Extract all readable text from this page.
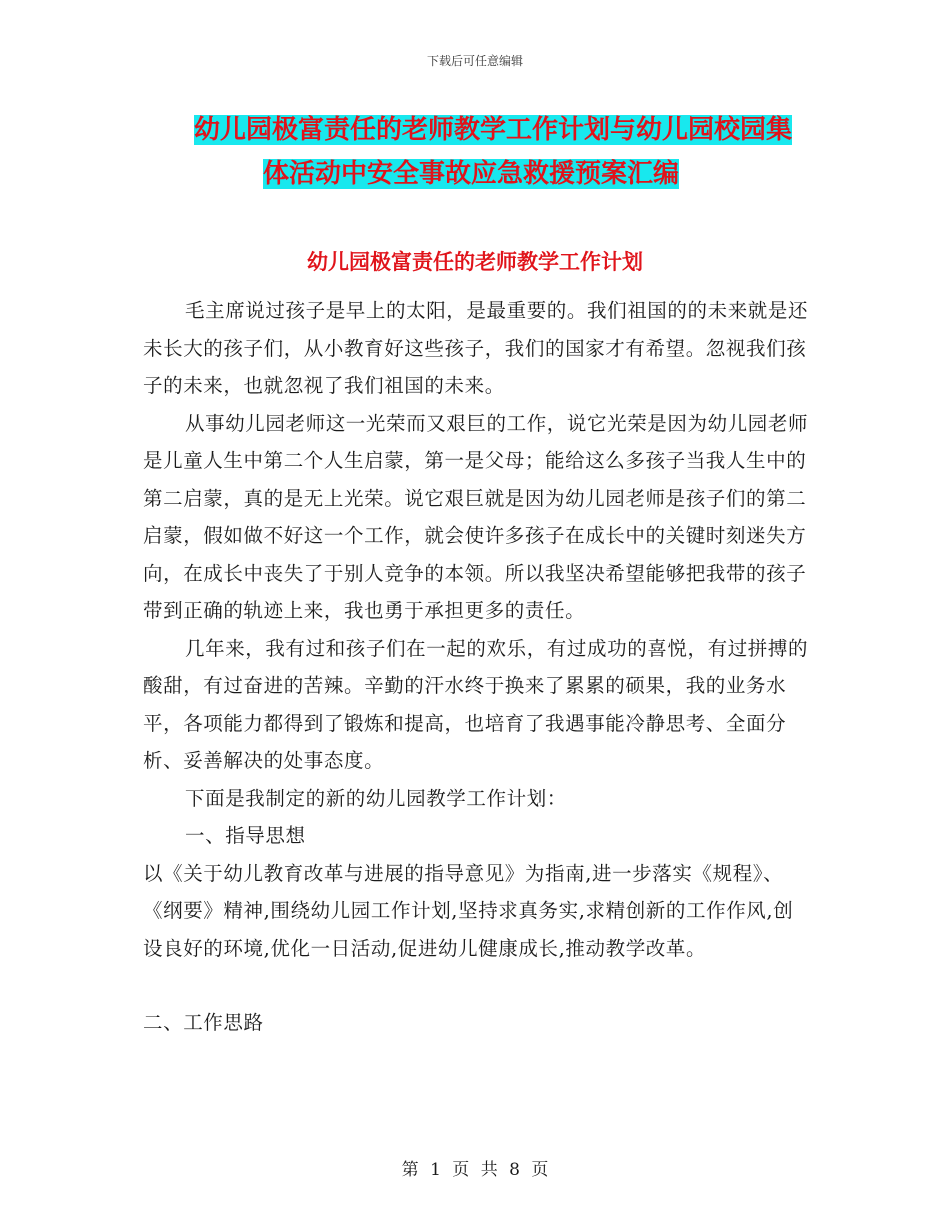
下载后可任意编辑
幼儿园极富责任的老师教学工作计划与幼儿园校园集
体活动中安全事故应急救援预案汇编
幼儿园极富责任的老师教学工作计划

毛主席说过孩子是早上的太阳，是最重要的。我们祖国的的未来就是还未长大的孩子们，从小教育好这些孩子，我们的国家才有希望。忽视我们孩子的未来，也就忽视了我们祖国的未来。

从事幼儿园老师这一光荣而又艰巨的工作，说它光荣是因为幼儿园老师是儿童人生中第二个人生启蒙，第一是父母；能给这么多孩子当我人生中的第二启蒙，真的是无上光荣。说它艰巨就是因为幼儿园老师是孩子们的第二启蒙，假如做不好这一个工作，就会使许多孩子在成长中的关键时刻迷失方向，在成长中丧失了于别人竞争的本领。所以我坚决希望能够把我带的孩子带到正确的轨迹上来，我也勇于承担更多的责任。

几年来，我有过和孩子们在一起的欢乐，有过成功的喜悦，有过拼搏的酸甜，有过奋进的苦辣。辛勤的汗水终于换来了累累的硕果，我的业务水平，各项能力都得到了锻炼和提高，也培育了我遇事能冷静思考、全面分析、妥善解决的处事态度。

下面是我制定的新的幼儿园教学工作计划：

一、指导思想

以《关于幼儿教育改革与进展的指导意见》为指南,进一步落实《规程》、《纲要》精神,围绕幼儿园工作计划,坚持求真务实,求精创新的工作作风,创设良好的环境,优化一日活动,促进幼儿健康成长,推动教学改革。

二、工作思路

第 1 页 共 8 页
